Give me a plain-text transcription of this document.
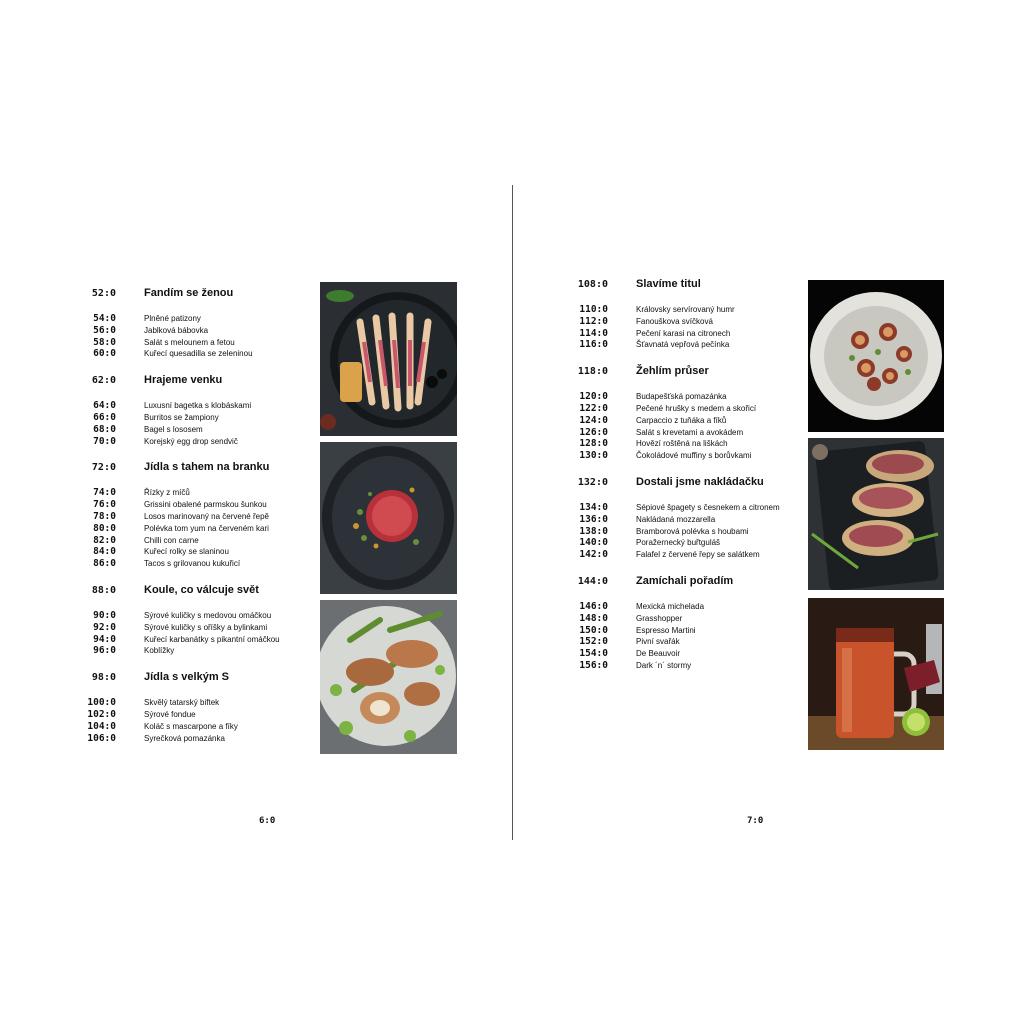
52:0	Fandím se ženou
54:0	Plněné patizony
56:0	Jablková bábovka
58:0	Salát s melounem a fetou
60:0	Kuřecí quesadilla se zeleninou
62:0	Hrajeme venku
64:0	Luxusní bagetka s klobáskami
66:0	Burritos se žampiony
68:0	Bagel s lososem
70:0	Korejský egg drop sendvič
72:0	Jídla s tahem na branku
74:0	Řízky z míčů
76:0	Grissini obalené parmskou šunkou
78:0	Losos marinovaný na červené řepě
80:0	Polévka tom yum na červeném kari
82:0	Chilli con carne
84:0	Kuřecí rolky se slaninou
86:0	Tacos s grilovanou kukuřicí
88:0	Koule, co válcuje svět
90:0	Sýrové kuličky s medovou omáčkou
92:0	Sýrové kuličky s oříšky a bylinkami
94:0	Kuřecí karbanátky s pikantní omáčkou
96:0	Koblížky
98:0	Jídla s velkým S
100:0	Skvělý tatarský biftek
102:0	Sýrové fondue
104:0	Koláč s mascarpone a fíky
106:0	Syrečková pomazánka
6:0
108:0	Slavíme titul
110:0	Královsky servírovaný humr
112:0	Fanouškova svíčková
114:0	Pečení karasi na citronech
116:0	Šťavnatá vepřová pečínka
118:0	Žehlím průser
120:0	Budapešťská pomazánka
122:0	Pečené hrušky s medem a skořicí
124:0	Carpaccio z tuňáka a fíků
126:0	Salát s krevetami a avokádem
128:0	Hovězí roštěná na liškách
130:0	Čokoládové muffiny s borůvkami
132:0	Dostali jsme nakládačku
134:0	Sépiové špagety s česnekem a citronem
136:0	Nakládaná mozzarella
138:0	Bramborová polévka s houbami
140:0	Poražernecký buřtguláš
142:0	Falafel z červené řepy se salátkem
144:0	Zamíchali pořadím
146:0	Mexická michelada
148:0	Grasshopper
150:0	Espresso Martini
152:0	Pivní svařák
154:0	De Beauvoir
156:0	Dark ´n´ stormy
7:0
